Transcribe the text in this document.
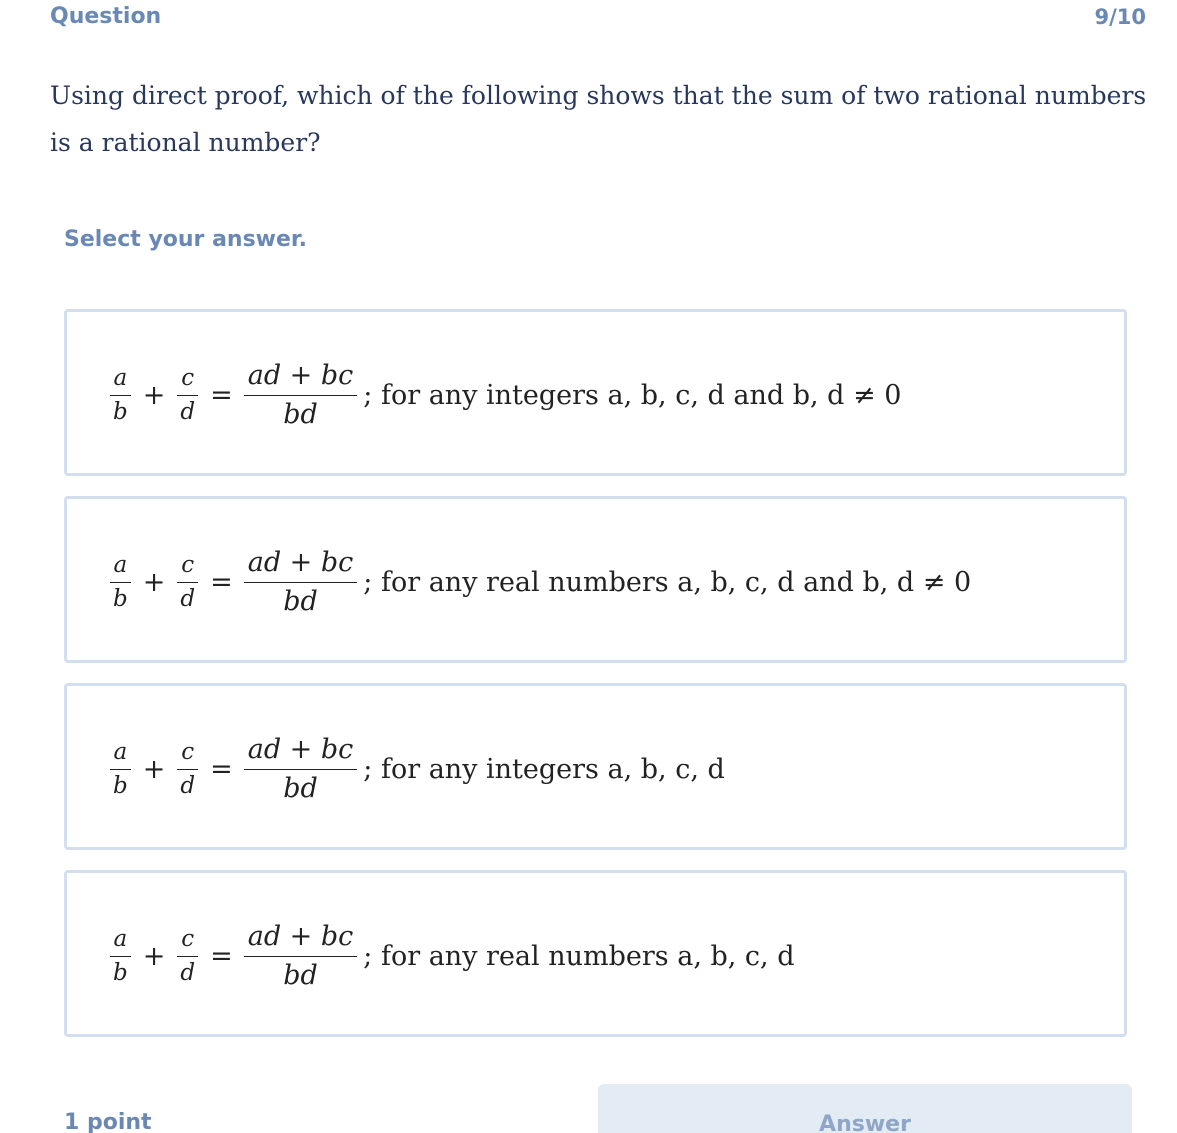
Question	9/10
Using direct proof, which of the following shows that the sum of two rational numbers is a rational number?
Select your answer.
$\frac{a}{b} + \frac{c}{d} = \frac{ad + bc}{bd}$ ; for any integers a, b, c, d and b, d ≠ 0
$\frac{a}{b} + \frac{c}{d} = \frac{ad + bc}{bd}$ ; for any real numbers a, b, c, d and b, d ≠ 0
$\frac{a}{b} + \frac{c}{d} = \frac{ad + bc}{bd}$ ; for any integers a, b, c, d
$\frac{a}{b} + \frac{c}{d} = \frac{ad + bc}{bd}$ ; for any real numbers a, b, c, d
1 point	Answer
